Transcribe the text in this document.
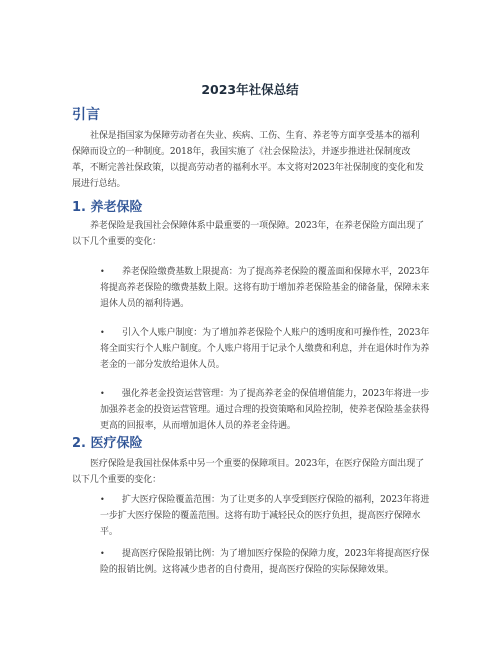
2023年社保总结
引言

社保是指国家为保障劳动者在失业、疾病、工伤、生育、养老等方面享受基本的福利保障而设立的一种制度。2018年，我国实施了《社会保险法》，并逐步推进社保制度改革，不断完善社保政策，以提高劳动者的福利水平。本文将对2023年社保制度的变化和发展进行总结。

1. 养老保险

养老保险是我国社会保障体系中最重要的一项保障。2023年，在养老保险方面出现了以下几个重要的变化：

•	养老保险缴费基数上限提高：为了提高养老保险的覆盖面和保障水平，2023年将提高养老保险的缴费基数上限。这将有助于增加养老保险基金的储备量，保障未来退休人员的福利待遇。

•	引入个人账户制度：为了增加养老保险个人账户的透明度和可操作性，2023年将全面实行个人账户制度。个人账户将用于记录个人缴费和利息，并在退休时作为养老金的一部分发放给退休人员。

•	强化养老金投资运营管理：为了提高养老金的保值增值能力，2023年将进一步加强养老金的投资运营管理。通过合理的投资策略和风险控制，使养老保险基金获得更高的回报率，从而增加退休人员的养老金待遇。

2. 医疗保险

医疗保险是我国社保体系中另一个重要的保障项目。2023年，在医疗保险方面出现了以下几个重要的变化：

•	扩大医疗保险覆盖范围：为了让更多的人享受到医疗保险的福利，2023年将进一步扩大医疗保险的覆盖范围。这将有助于减轻民众的医疗负担，提高医疗保障水平。

•	提高医疗保险报销比例：为了增加医疗保险的保障力度，2023年将提高医疗保险的报销比例。这将减少患者的自付费用，提高医疗保险的实际保障效果。
